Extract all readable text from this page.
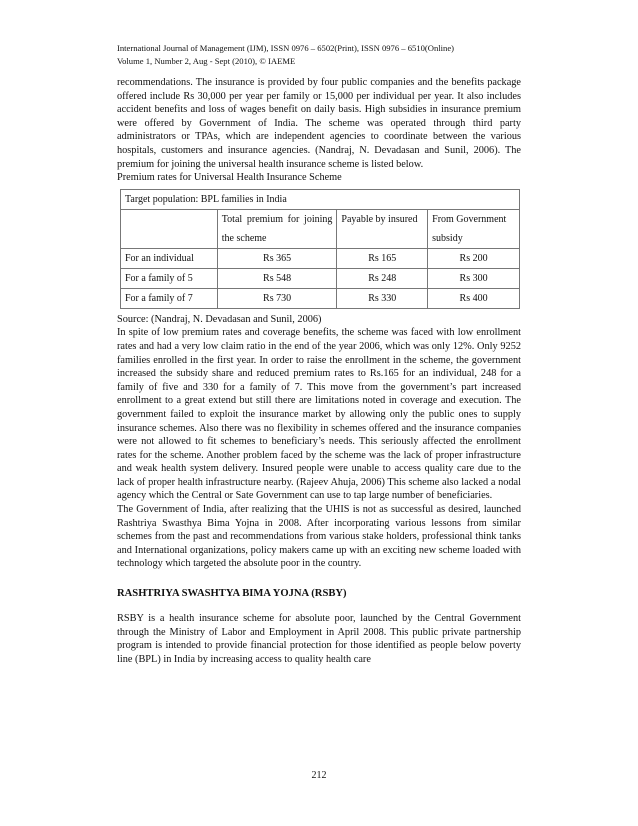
International Journal of Management (IJM), ISSN 0976 – 6502(Print), ISSN 0976 – 6510(Online)

Volume 1, Number 2, Aug - Sept (2010), © IAEME

recommendations. The insurance is provided by four public companies and the benefits package offered include Rs 30,000 per year per family or 15,000 per individual per year. It also includes accident benefits and loss of wages benefit on daily basis. High subsidies in insurance premium were offered by Government of India. The scheme was operated through third party administrators or TPAs, which are independent agencies to coordinate between the various hospitals, customers and insurance agencies. (Nandraj, N. Devadasan and Sunil, 2006). The premium for joining the universal health insurance scheme is listed below.

Premium rates for Universal Health Insurance Scheme

Target population: BPL families in India			

	Total premium for joining the scheme	Payable by insured	From Government subsidy
For an individual	Rs 365	Rs 165	Rs 200
For a family of 5	Rs 548	Rs 248	Rs 300
For a family of 7	Rs 730	Rs 330	Rs 400

Source: (Nandraj, N. Devadasan and Sunil, 2006)

In spite of low premium rates and coverage benefits, the scheme was faced with low enrollment rates and had a very low claim ratio in the end of the year 2006, which was only 12%. Only 9252 families enrolled in the first year. In order to raise the enrollment in the scheme, the government increased the subsidy share and reduced premium rates to Rs.165 for an individual, 248 for a family of five and 330 for a family of 7. This move from the government’s part increased enrollment to a great extend but still there are limitations noted in coverage and execution. The government failed to exploit the insurance market by allowing only the public ones to supply insurance schemes. Also there was no flexibility in schemes offered and the insurance companies were not allowed to fit schemes to beneficiary’s needs. This seriously affected the enrollment rates for the scheme. Another problem faced by the scheme was the lack of proper infrastructure and weak health system delivery. Insured people were unable to access quality care due to the lack of proper health infrastructure nearby. (Rajeev Ahuja, 2006) This scheme also lacked a nodal agency which the Central or Sate Government can use to tap large number of beneficiaries.

The Government of India, after realizing that the UHIS is not as successful as desired, launched Rashtriya Swasthya Bima Yojna in 2008. After incorporating various lessons from similar schemes from the past and recommendations from various stake holders, professional think tanks and International organizations, policy makers came up with an exciting new scheme loaded with technology which targeted the absolute poor in the country.

RASHTRIYA SWASHTYA BIMA YOJNA (RSBY)

RSBY is a health insurance scheme for absolute poor, launched by the Central Government through the Ministry of Labor and Employment in April 2008. This public private partnership program is intended to provide financial protection for those identified as people below poverty line (BPL) in India by increasing access to quality health care

212
